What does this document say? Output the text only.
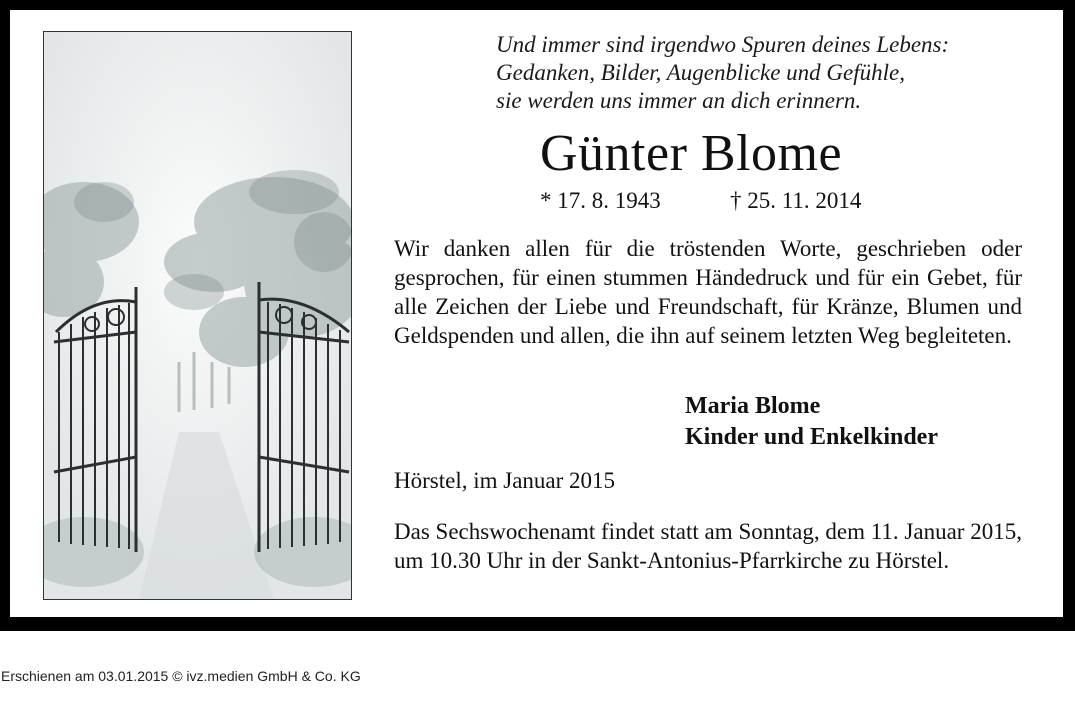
Und immer sind irgendwo Spuren deines Lebens:
Gedanken, Bilder, Augenblicke und Gefühle,
sie werden uns immer an dich erinnern.
Günter Blome
* 17. 8. 1943	† 25. 11. 2014
Wir danken allen für die tröstenden Worte, geschrieben oder gesprochen, für einen stummen Händedruck und für ein Gebet, für alle Zeichen der Liebe und Freundschaft, für Kränze, Blumen und Geldspenden und allen, die ihn auf seinem letzten Weg begleiteten.
Maria Blome
Kinder und Enkelkinder
Hörstel, im Januar 2015
Das Sechswochenamt findet statt am Sonntag, dem 11. Januar 2015, um 10.30 Uhr in der Sankt-Antonius-Pfarrkirche zu Hörstel.
Erschienen am 03.01.2015 © ivz.medien GmbH & Co. KG
